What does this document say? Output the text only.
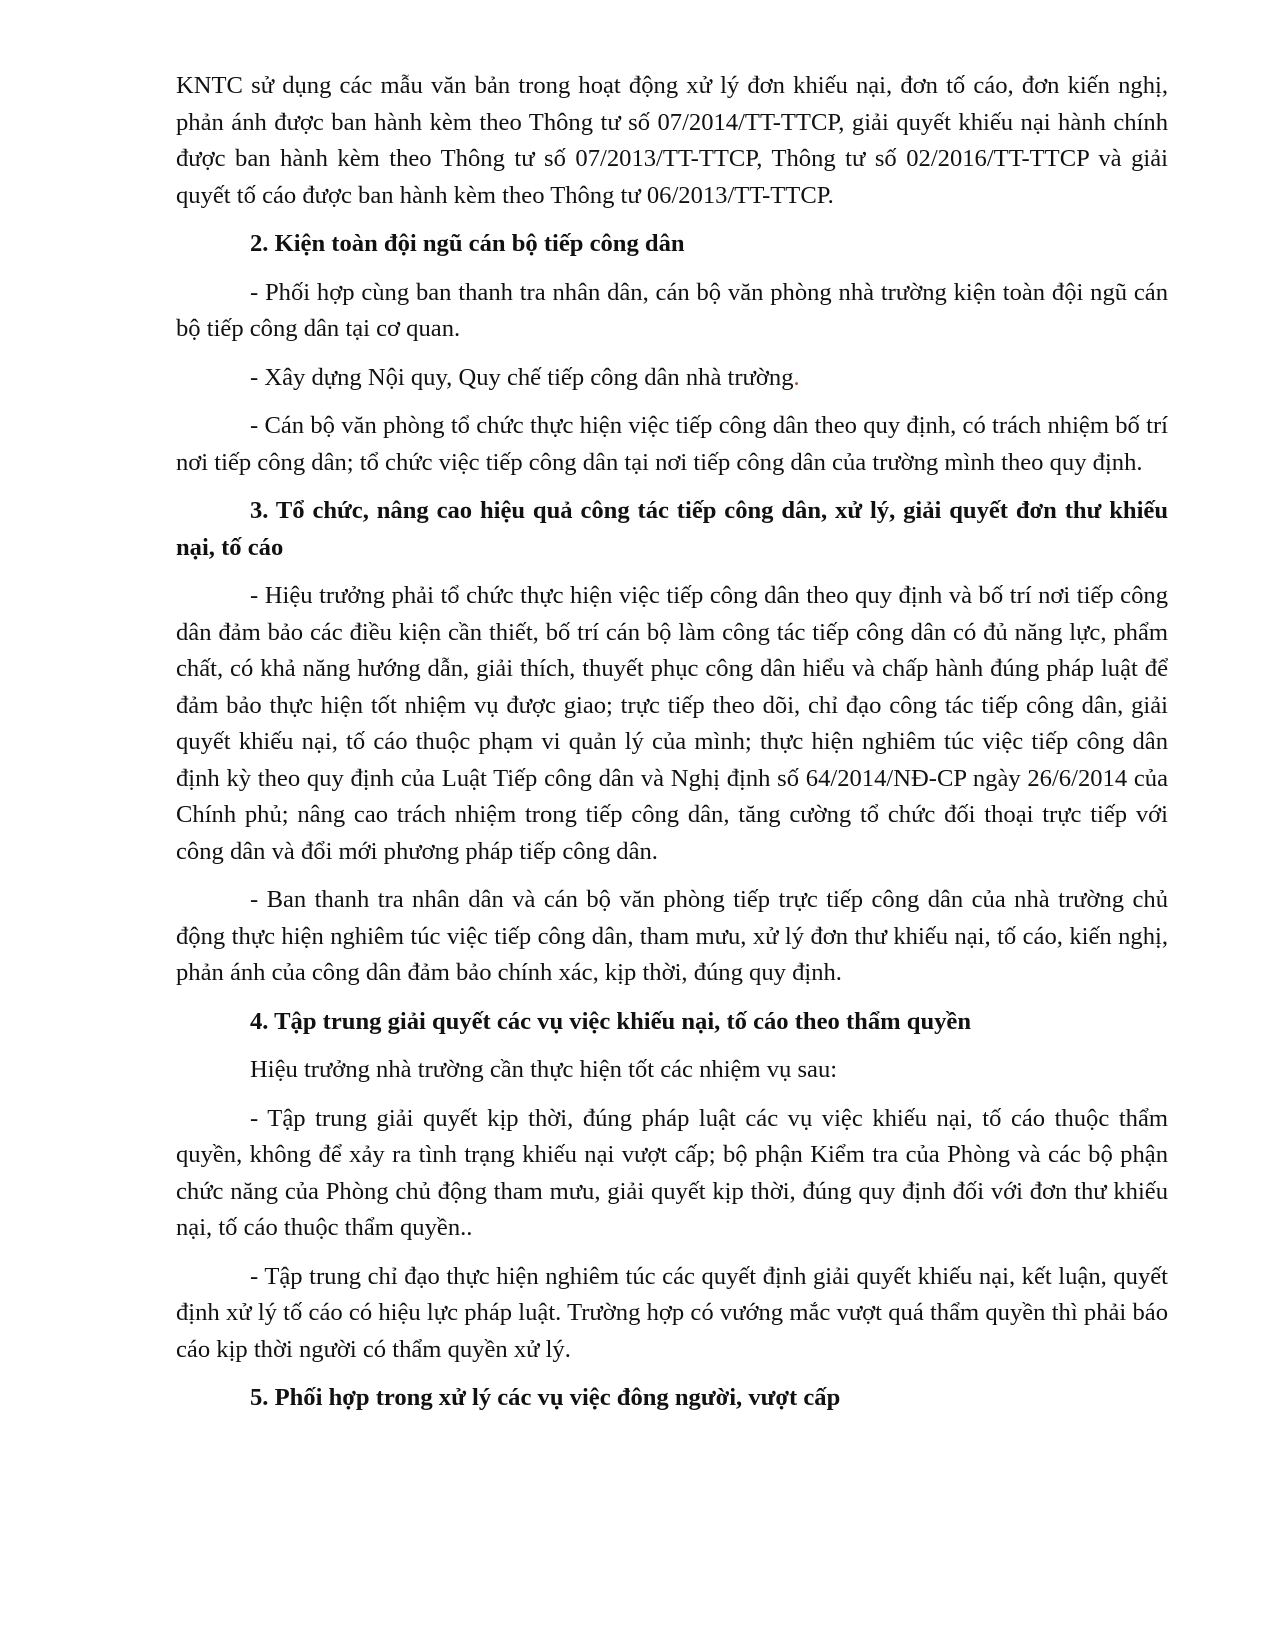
KNTC sử dụng các mẫu văn bản trong hoạt động xử lý đơn khiếu nại, đơn tố cáo, đơn kiến nghị, phản ánh được ban hành kèm theo Thông tư số 07/2014/TT-TTCP, giải quyết khiếu nại hành chính được ban hành kèm theo Thông tư số 07/2013/TT-TTCP, Thông tư số 02/2016/TT-TTCP và giải quyết tố cáo được ban hành kèm theo Thông tư 06/2013/TT-TTCP.

2. Kiện toàn đội ngũ cán bộ tiếp công dân

- Phối hợp cùng ban thanh tra nhân dân, cán bộ văn phòng nhà trường kiện toàn đội ngũ cán bộ tiếp công dân tại cơ quan.

- Xây dựng Nội quy, Quy chế tiếp công dân nhà trường.

- Cán bộ văn phòng tổ chức thực hiện việc tiếp công dân theo quy định, có trách nhiệm bố trí nơi tiếp công dân; tổ chức việc tiếp công dân tại nơi tiếp công dân của trường mình theo quy định.

3. Tổ chức, nâng cao hiệu quả công tác tiếp công dân, xử lý, giải quyết đơn thư khiếu nại, tố cáo

- Hiệu trưởng phải tổ chức thực hiện việc tiếp công dân theo quy định và bố trí nơi tiếp công dân đảm bảo các điều kiện cần thiết, bố trí cán bộ làm công tác tiếp công dân có đủ năng lực, phẩm chất, có khả năng hướng dẫn, giải thích, thuyết phục công dân hiểu và chấp hành đúng pháp luật để đảm bảo thực hiện tốt nhiệm vụ được giao; trực tiếp theo dõi, chỉ đạo công tác tiếp công dân, giải quyết khiếu nại, tố cáo thuộc phạm vi quản lý của mình; thực hiện nghiêm túc việc tiếp công dân định kỳ theo quy định của Luật Tiếp công dân và Nghị định số 64/2014/NĐ-CP ngày 26/6/2014 của Chính phủ; nâng cao trách nhiệm trong tiếp công dân, tăng cường tổ chức đối thoại trực tiếp với công dân và đổi mới phương pháp tiếp công dân.

- Ban thanh tra nhân dân và cán bộ văn phòng tiếp trực tiếp công dân của nhà trường chủ động thực hiện nghiêm túc việc tiếp công dân, tham mưu, xử lý đơn thư khiếu nại, tố cáo, kiến nghị, phản ánh của công dân đảm bảo chính xác, kịp thời, đúng quy định.

4. Tập trung giải quyết các vụ việc khiếu nại, tố cáo theo thẩm quyền

Hiệu trưởng nhà trường cần thực hiện tốt các nhiệm vụ sau:

- Tập trung giải quyết kịp thời, đúng pháp luật các vụ việc khiếu nại, tố cáo thuộc thẩm quyền, không để xảy ra tình trạng khiếu nại vượt cấp; bộ phận Kiểm tra của Phòng và các bộ phận chức năng của Phòng chủ động tham mưu, giải quyết kịp thời, đúng quy định đối với đơn thư khiếu nại, tố cáo thuộc thẩm quyền..

- Tập trung chỉ đạo thực hiện nghiêm túc các quyết định giải quyết khiếu nại, kết luận, quyết định xử lý tố cáo có hiệu lực pháp luật. Trường hợp có vướng mắc vượt quá thẩm quyền thì phải báo cáo kịp thời người có thẩm quyền xử lý.

5. Phối hợp trong xử lý các vụ việc đông người, vượt cấp
